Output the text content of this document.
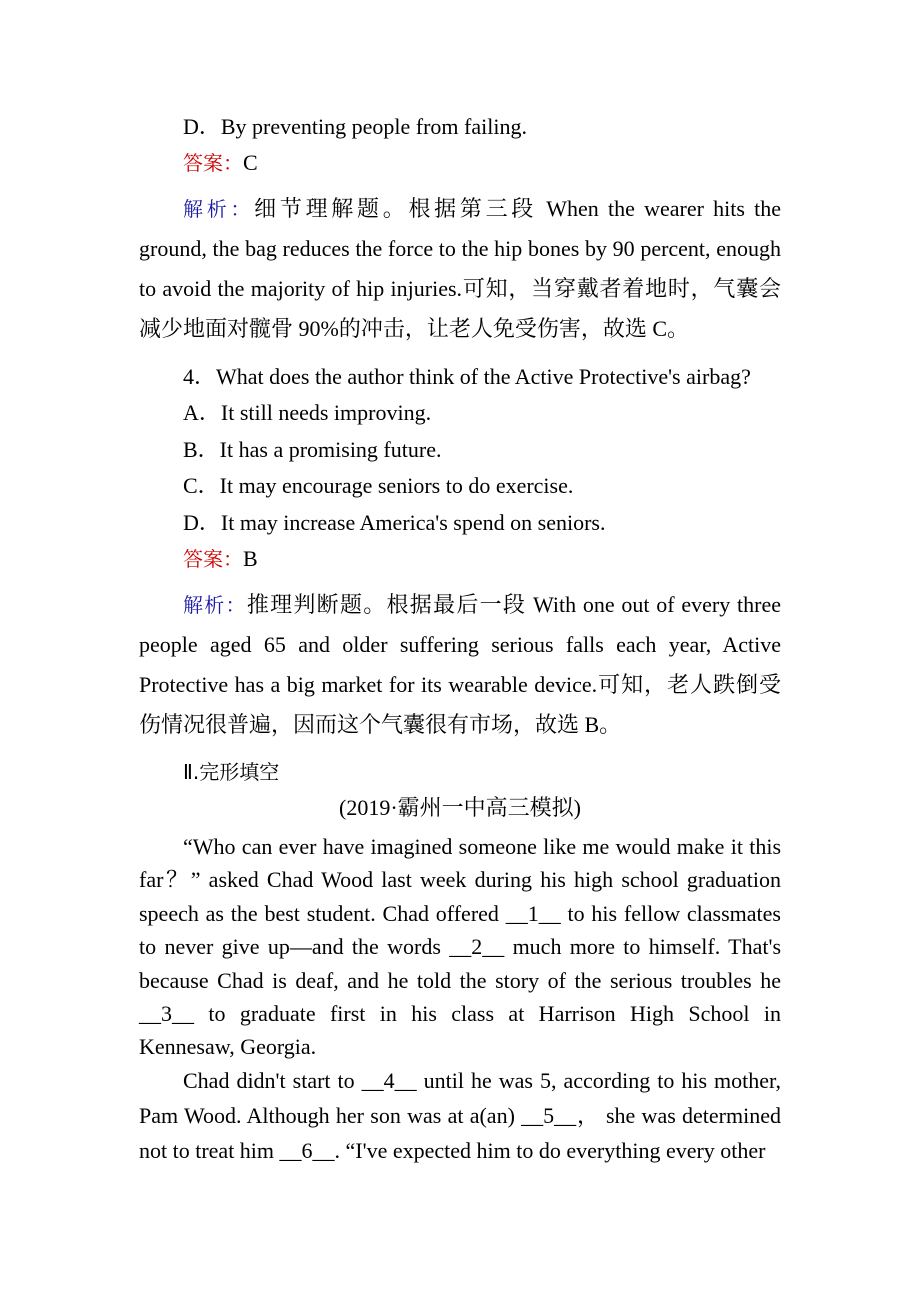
D．By preventing people from failing.
答案：C
解析：细节理解题。根据第三段 When the wearer hits the ground, the bag reduces the force to the hip bones by 90 percent, enough to avoid the majority of hip injuries.可知，当穿戴者着地时，气囊会减少地面对髋骨 90%的冲击，让老人免受伤害，故选 C。
4．What does the author think of the Active Protective's airbag?
A．It still needs improving.
B．It has a promising future.
C．It may encourage seniors to do exercise.
D．It may increase America's spend on seniors.
答案：B
解析：推理判断题。根据最后一段 With one out of every three people aged 65 and older suffering serious falls each year, Active Protective has a big market for its wearable device.可知，老人跌倒受伤情况很普遍，因而这个气囊很有市场，故选 B。
Ⅱ.完形填空
(2019·霸州一中高三模拟)
“Who can ever have imagined someone like me would make it this far？” asked Chad Wood last week during his high school graduation speech as the best student. Chad offered __1__ to his fellow classmates to never give up—and the words __2__ much more to himself. That's because Chad is deaf, and he told the story of the serious troubles he __3__ to graduate first in his class at Harrison High School in Kennesaw, Georgia.
Chad didn't start to __4__ until he was 5, according to his mother, Pam Wood. Although her son was at a(an) __5__， she was determined not to treat him __6__. “I've expected him to do everything every other
